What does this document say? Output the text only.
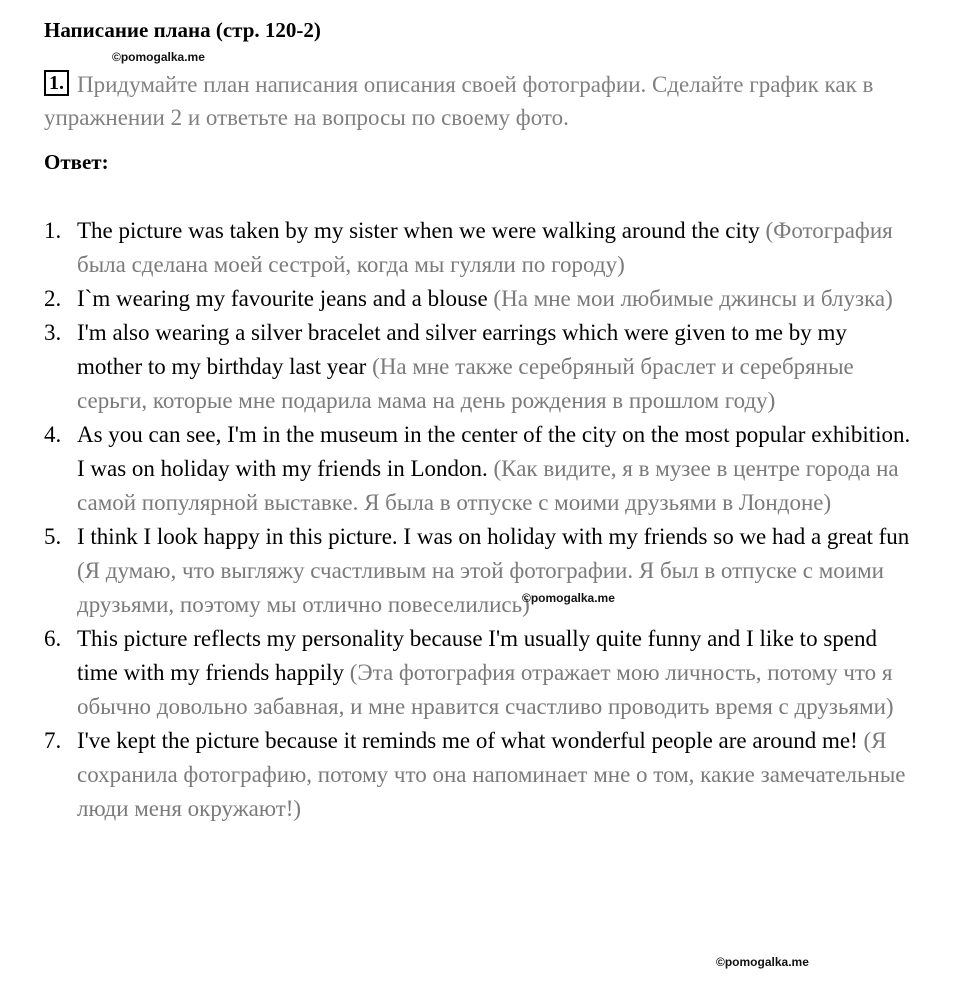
Написание плана (стр. 120-2)
©pomogalka.me
1. Придумайте план написания описания своей фотографии. Сделайте график как в упражнении 2 и ответьте на вопросы по своему фото.
Ответ:
1. The picture was taken by my sister when we were walking around the city (Фотография была сделана моей сестрой, когда мы гуляли по городу)
2. I`m wearing my favourite jeans and a blouse (На мне мои любимые джинсы и блузка)
3. I'm also wearing a silver bracelet and silver earrings which were given to me by my mother to my birthday last year (На мне также серебряный браслет и серебряные серьги, которые мне подарила мама на день рождения в прошлом году)
4. As you can see, I'm in the museum in the center of the city on the most popular exhibition. I was on holiday with my friends in London. (Как видите, я в музее в центре города на самой популярной выставке. Я была в отпуске с моими друзьями в Лондоне)
5. I think I look happy in this picture. I was on holiday with my friends so we had a great fun (Я думаю, что выгляжу счастливым на этой фотографии. Я был в отпуске с моими друзьями, поэтому мы отлично повеселились)
6. This picture reflects my personality because I'm usually quite funny and I like to spend time with my friends happily (Эта фотография отражает мою личность, потому что я обычно довольно забавная, и мне нравится счастливо проводить время с друзьями)
7. I've kept the picture because it reminds me of what wonderful people are around me! (Я сохранила фотографию, потому что она напоминает мне о том, какие замечательные люди меня окружают!)
©pomogalka.me
©pomogalka.me
